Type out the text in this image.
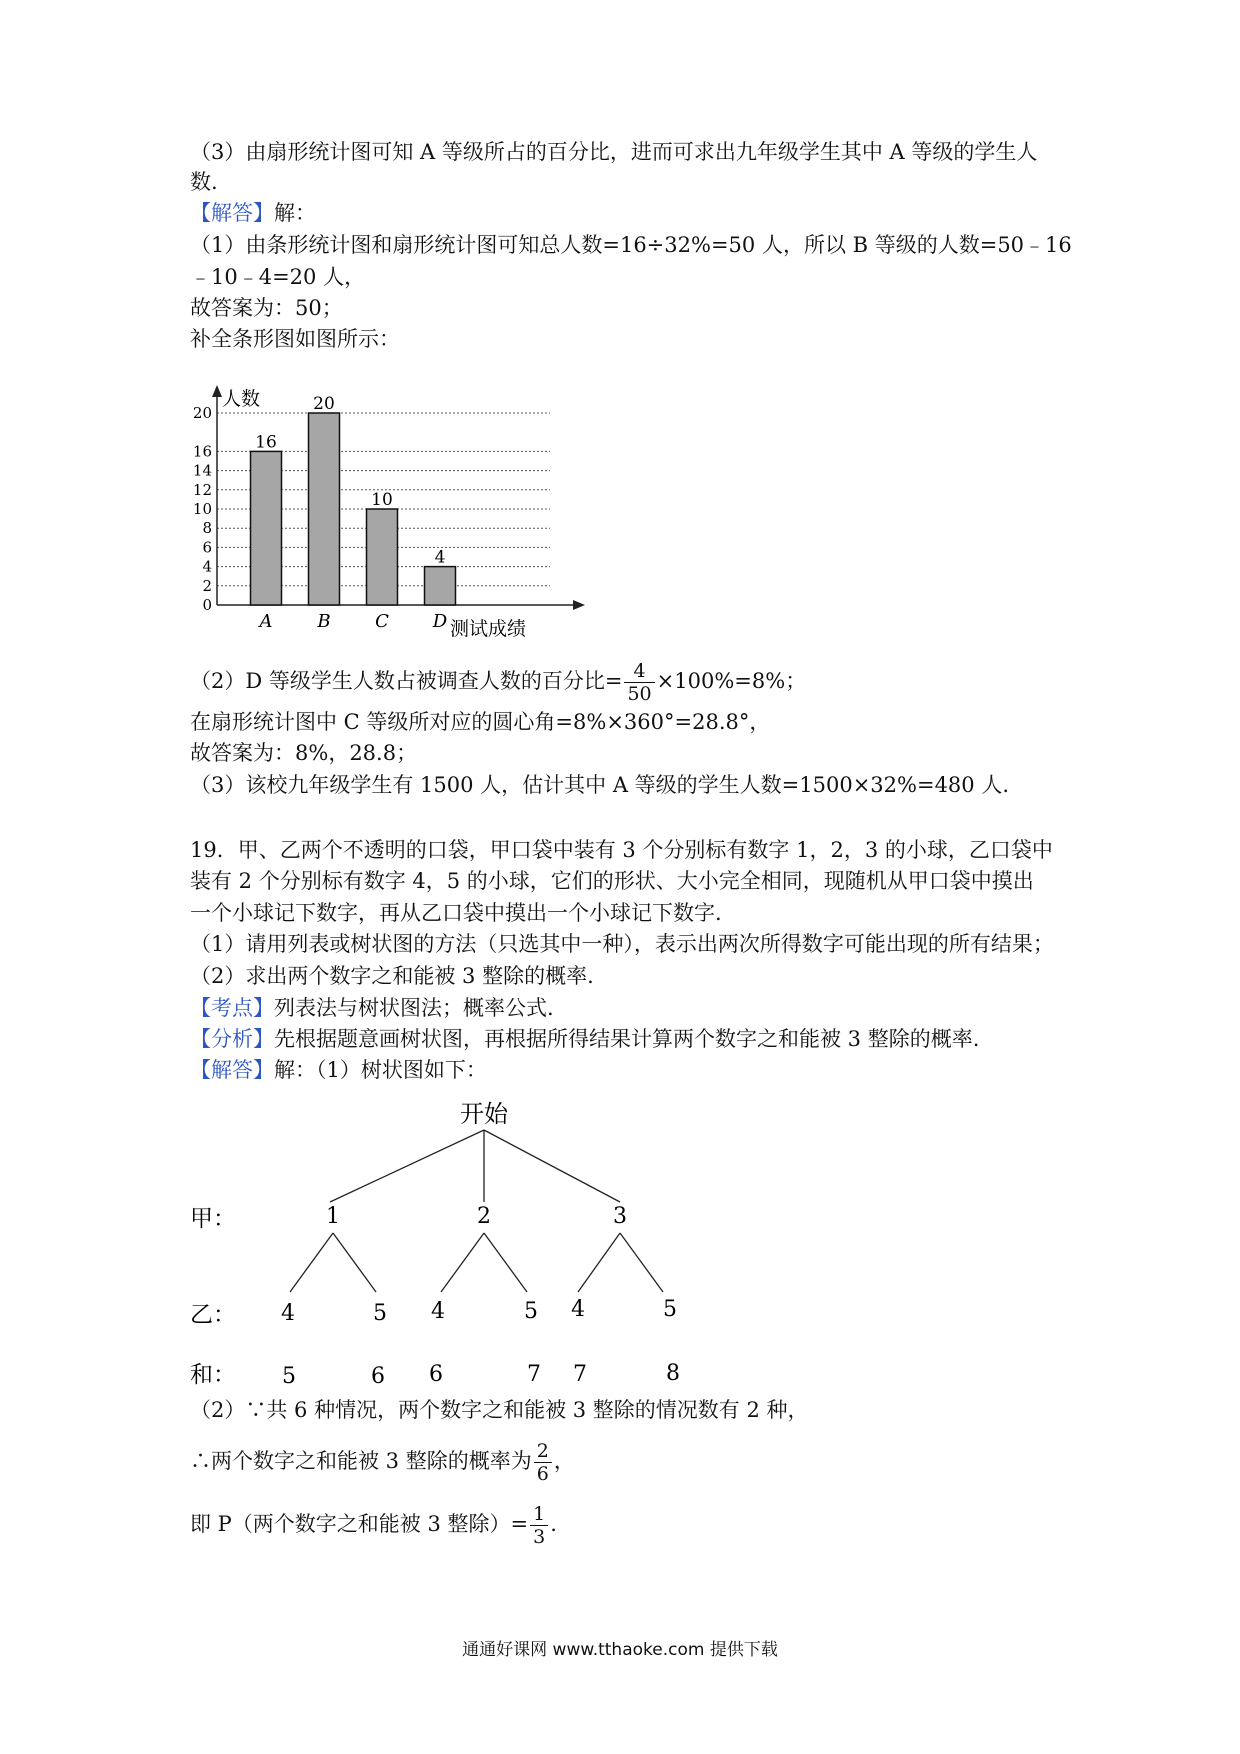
（3）由扇形统计图可知 A 等级所占的百分比，进而可求出九年级学生其中 A 等级的学生人
数.
【解答】解：
（1）由条形统计图和扇形统计图可知总人数=16÷32%=50 人，所以 B 等级的人数=50﹣16
﹣10﹣4=20 人，
故答案为：50；
补全条形图如图所示：
人数
测试成绩
0
2
4
6
8
10
12
14
16
20
16
A
20
B
10
C
4
D
（2）D 等级学生人数占被调查人数的百分比= $\frac{4}{50} \times 100\%=8\%$；
在扇形统计图中 C 等级所对应的圆心角=8%×360°=28.8°，
故答案为：8%，28.8；
（3）该校九年级学生有 1500 人，估计其中 A 等级的学生人数=1500×32%=480 人.
19．甲、乙两个不透明的口袋，甲口袋中装有 3 个分别标有数字 1，2，3 的小球，乙口袋中
装有 2 个分别标有数字 4，5 的小球，它们的形状、大小完全相同，现随机从甲口袋中摸出
一个小球记下数字，再从乙口袋中摸出一个小球记下数字.
（1）请用列表或树状图的方法（只选其中一种），表示出两次所得数字可能出现的所有结果；
（2）求出两个数字之和能被 3 整除的概率.
【考点】列表法与树状图法；概率公式.
【分析】先根据题意画树状图，再根据所得结果计算两个数字之和能被 3 整除的概率.
【解答】解：（1）树状图如下：
开始
甲：
乙：
和：
1	2	3
4	5 4	5 4	5
5	6 6	7 7	8
（2）∵共 6 种情况，两个数字之和能被 3 整除的情况数有 2 种，
∴两个数字之和能被 3 整除的概率为 $\frac{2}{6}$ ，
即 P（两个数字之和能被 3 整除）= $\frac{1}{3}$ .
通通好课网 www.tthaoke.com 提供下载
